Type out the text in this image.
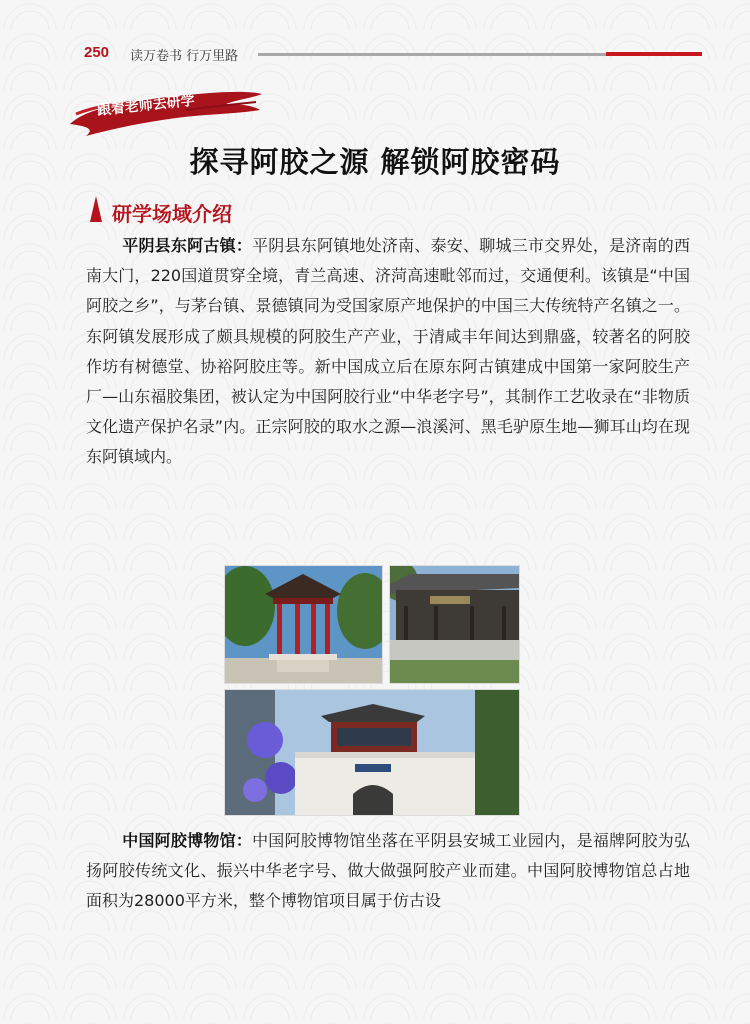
250 读万卷书 行万里路
跟着老师去研学
探寻阿胶之源 解锁阿胶密码
研学场域介绍
平阴县东阿古镇：平阴县东阿镇地处济南、泰安、聊城三市交界处，是济南的西南大门，220国道贯穿全境，青兰高速、济菏高速毗邻而过，交通便利。该镇是“中国阿胶之乡”，与茅台镇、景德镇同为受国家原产地保护的中国三大传统特产名镇之一。东阿镇发展形成了颇具规模的阿胶生产产业，于清咸丰年间达到鼎盛，较著名的阿胶作坊有树德堂、协裕阿胶庄等。新中国成立后在原东阿古镇建成中国第一家阿胶生产厂—山东福胶集团，被认定为中国阿胶行业“中华老字号”，其制作工艺收录在“非物质文化遗产保护名录”内。正宗阿胶的取水之源—浪溪河、黑毛驴原生地—狮耳山均在现东阿镇域内。
中国阿胶博物馆：中国阿胶博物馆坐落在平阴县安城工业园内，是福牌阿胶为弘扬阿胶传统文化、振兴中华老字号、做大做强阿胶产业而建。中国阿胶博物馆总占地面积为28000平方米，整个博物馆项目属于仿古设
